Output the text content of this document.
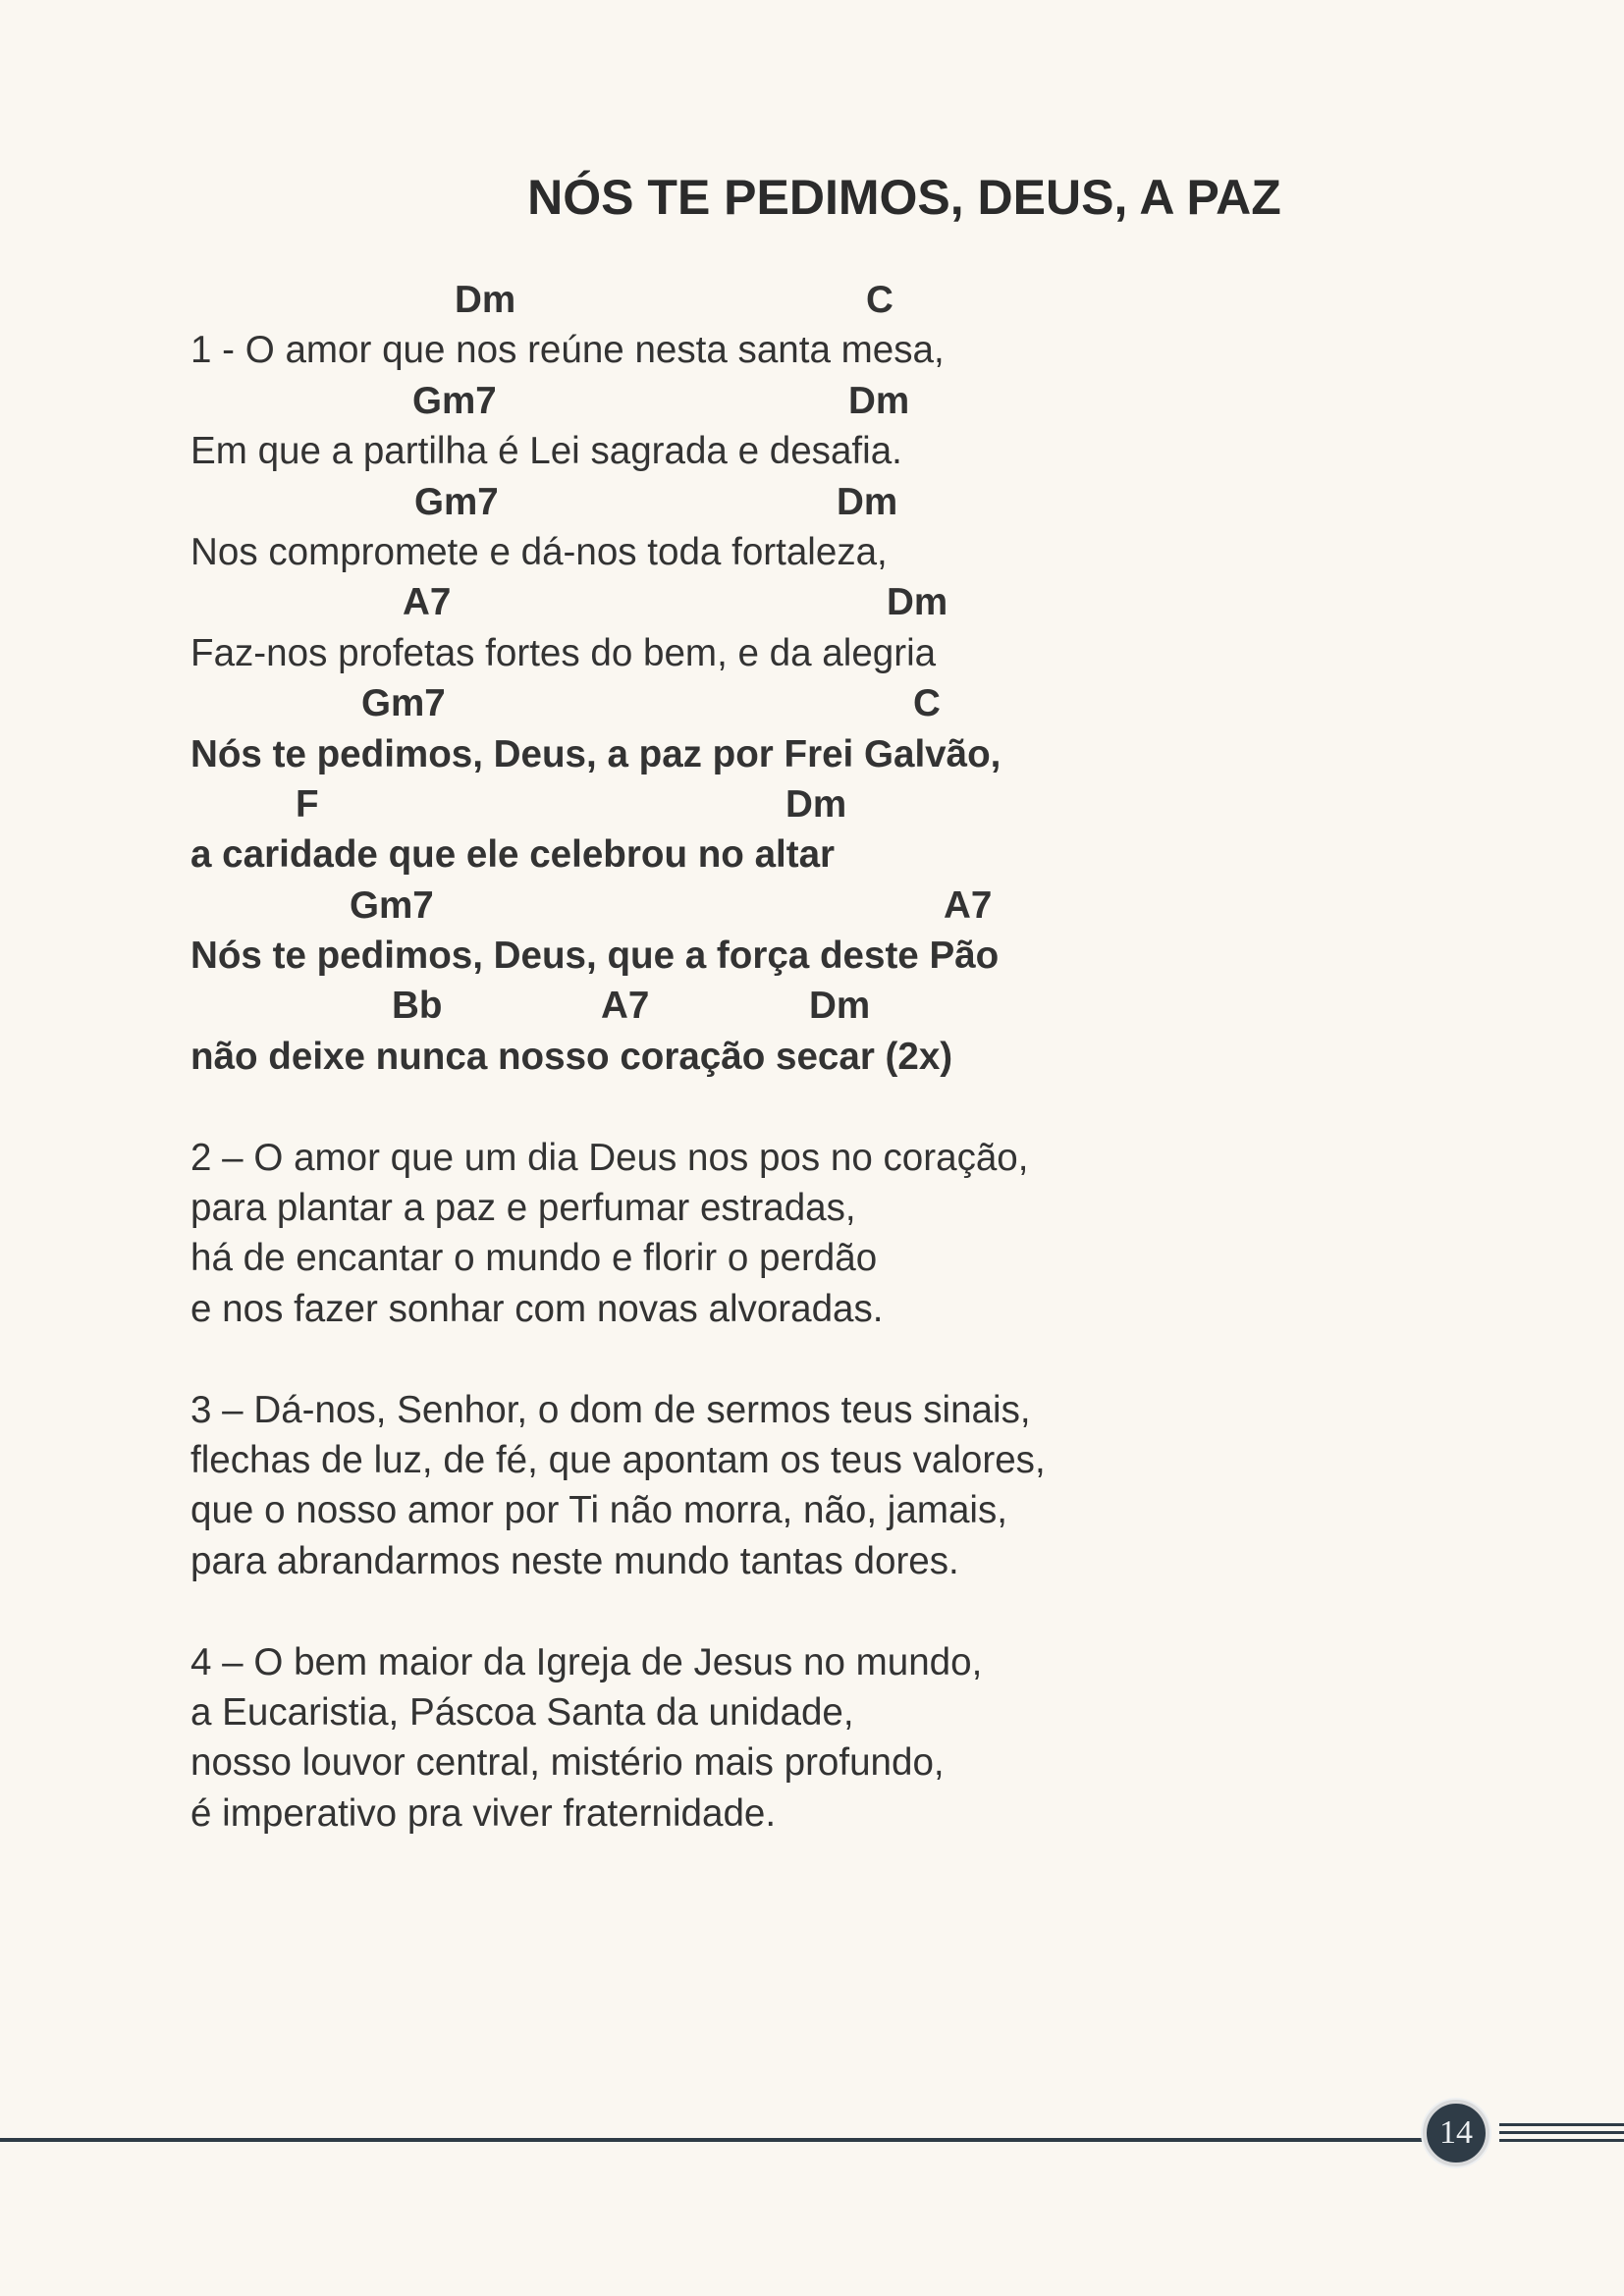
NÓS TE PEDIMOS, DEUS, A PAZ
Dm	C
1 - O amor que nos reúne nesta santa mesa,
Gm7	Dm
Em que a partilha é Lei sagrada e desafia.
Gm7	Dm
Nos compromete e dá-nos toda fortaleza,
A7	Dm
Faz-nos profetas fortes do bem, e da alegria
Gm7	C
Nós te pedimos, Deus, a paz por Frei Galvão,
F	Dm
a caridade que ele celebrou no altar
Gm7	A7
Nós te pedimos, Deus, que a força deste Pão
Bb	A7	Dm
não deixe nunca nosso coração secar (2x)
2 – O amor que um dia Deus nos pos no coração,
para plantar a paz e perfumar estradas,
há de encantar o mundo e florir o perdão
e nos fazer sonhar com novas alvoradas.
3 – Dá-nos, Senhor, o dom de sermos teus sinais,
flechas de luz, de fé, que apontam os teus valores,
que o nosso amor por Ti não morra, não, jamais,
para abrandarmos neste mundo tantas dores.
4 – O bem maior da Igreja de Jesus no mundo,
a Eucaristia, Páscoa Santa da unidade,
nosso louvor central, mistério mais profundo,
é imperativo pra viver fraternidade.
14
